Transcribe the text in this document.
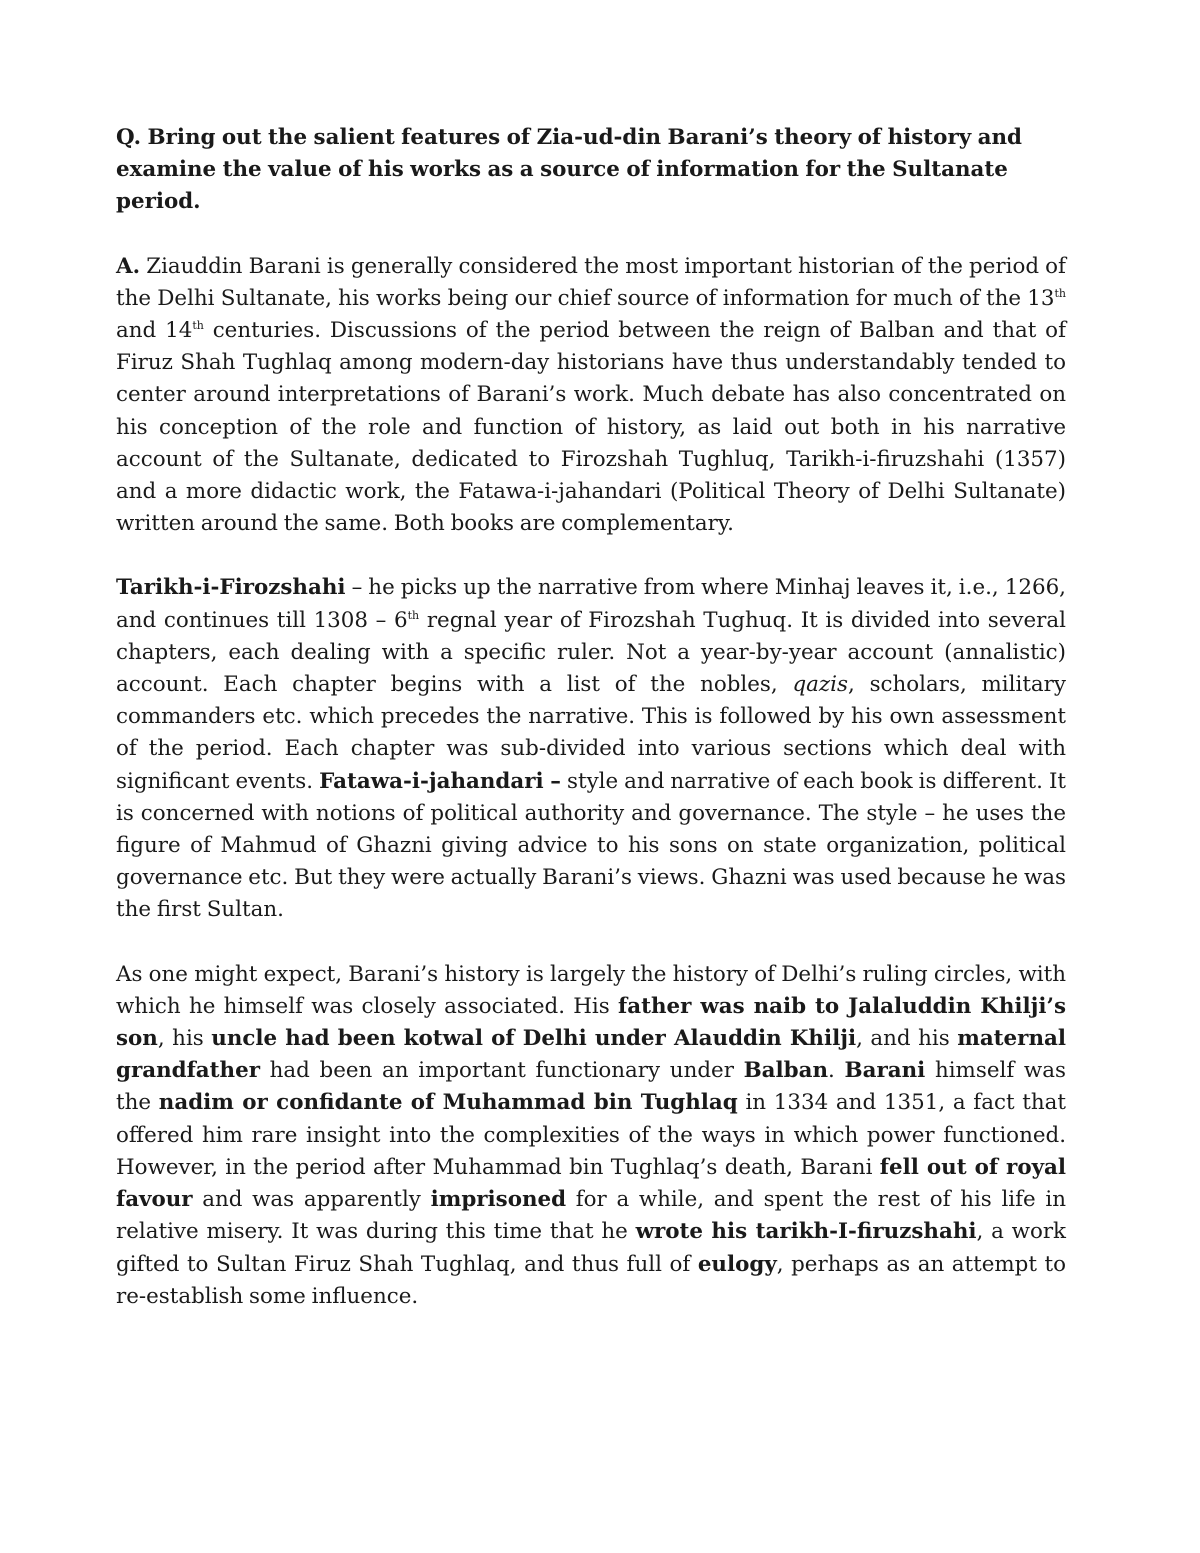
Q. Bring out the salient features of Zia-ud-din Barani’s theory of history and examine the value of his works as a source of information for the Sultanate period.

A. Ziauddin Barani is generally considered the most important historian of the period of the Delhi Sultanate, his works being our chief source of information for much of the 13th and 14th centuries. Discussions of the period between the reign of Balban and that of Firuz Shah Tughlaq among modern-day historians have thus understandably tended to center around interpretations of Barani’s work. Much debate has also concentrated on his conception of the role and function of history, as laid out both in his narrative account of the Sultanate, dedicated to Firozshah Tughluq, Tarikh-i-firuzshahi (1357) and a more didactic work, the Fatawa-i-jahandari (Political Theory of Delhi Sultanate) written around the same. Both books are complementary.

Tarikh-i-Firozshahi – he picks up the narrative from where Minhaj leaves it, i.e., 1266, and continues till 1308 – 6th regnal year of Firozshah Tughuq. It is divided into several chapters, each dealing with a specific ruler. Not a year-by-year account (annalistic) account. Each chapter begins with a list of the nobles, qazis, scholars, military commanders etc. which precedes the narrative. This is followed by his own assessment of the period. Each chapter was sub-divided into various sections which deal with significant events. Fatawa-i-jahandari – style and narrative of each book is different. It is concerned with notions of political authority and governance. The style – he uses the figure of Mahmud of Ghazni giving advice to his sons on state organization, political governance etc. But they were actually Barani’s views. Ghazni was used because he was the first Sultan.

As one might expect, Barani’s history is largely the history of Delhi’s ruling circles, with which he himself was closely associated. His father was naib to Jalaluddin Khilji’s son, his uncle had been kotwal of Delhi under Alauddin Khilji, and his maternal grandfather had been an important functionary under Balban. Barani himself was the nadim or confidante of Muhammad bin Tughlaq in 1334 and 1351, a fact that offered him rare insight into the complexities of the ways in which power functioned. However, in the period after Muhammad bin Tughlaq’s death, Barani fell out of royal favour and was apparently imprisoned for a while, and spent the rest of his life in relative misery. It was during this time that he wrote his tarikh-I-firuzshahi, a work gifted to Sultan Firuz Shah Tughlaq, and thus full of eulogy, perhaps as an attempt to re-establish some influence.
